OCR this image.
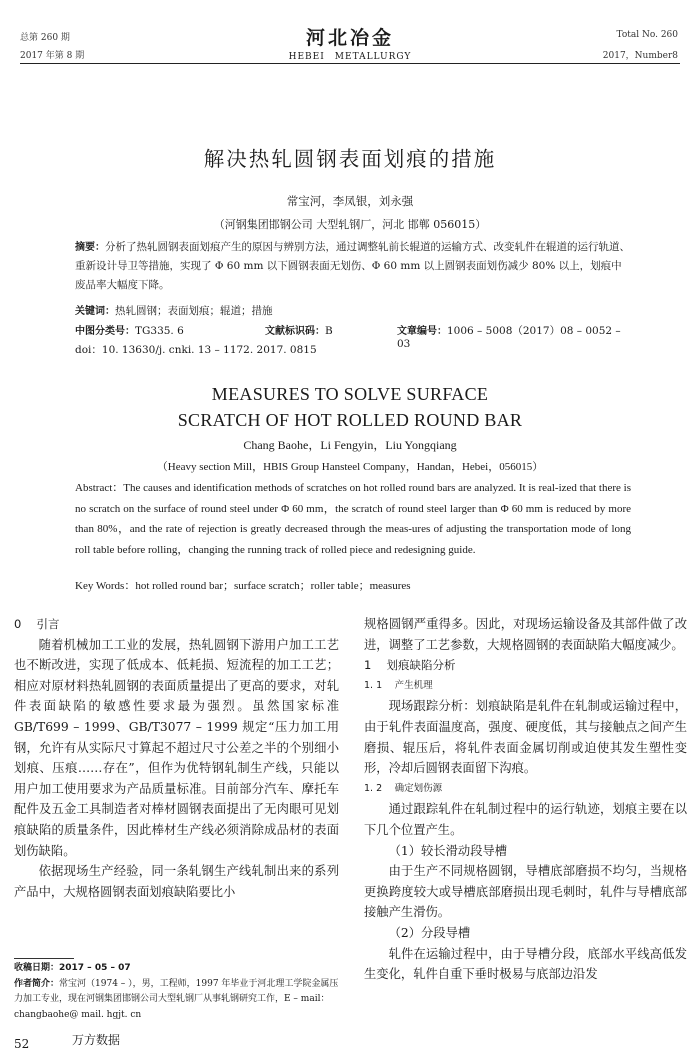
总第 260 期
2017 年第 8 期
河北冶金
HEBEI　METALLURGY
Total No. 260
2017，Number8
解决热轧圆钢表面划痕的措施
常宝河，李凤银，刘永强
（河钢集团邯钢公司 大型轧钢厂，河北 邯郸 056015）
摘要：分析了热轧圆钢表面划痕产生的原因与辨别方法，通过调整轧前长辊道的运输方式、改变轧件在辊道的运行轨道、重新设计导卫等措施，实现了 Φ 60 mm 以下圆钢表面无划伤、Φ 60 mm 以上圆钢表面划伤减少 80% 以上，划痕中废品率大幅度下降。
关键词：热轧圆钢；表面划痕；辊道；措施
中图分类号：TG335. 6	文献标识码：B	文章编号：1006 – 5008（2017）08 – 0052 – 03
doi：10. 13630/j. cnki. 13 – 1172. 2017. 0815
MEASURES TO SOLVE SURFACE
SCRATCH OF HOT ROLLED ROUND BAR
Chang Baohe，Li Fengyin，Liu Yongqiang
（Heavy section Mill，HBIS Group Hansteel Company，Handan，Hebei，056015）
Abstract：The causes and identification methods of scratches on hot rolled round bars are analyzed. It is real-ized that there is no scratch on the surface of round steel under Φ 60 mm，the scratch of round steel larger than Φ 60 mm is reduced by more than 80%，and the rate of rejection is greatly decreased through the meas-ures of adjusting the transportation mode of long roll table before rolling，changing the running track of rolled piece and redesigning guide.
Key Words：hot rolled round bar；surface scratch；roller table；measures

0　 引言

随着机械加工工业的发展，热轧圆钢下游用户加工工艺也不断改进，实现了低成本、低耗损、短流程的加工工艺；相应对原材料热轧圆钢的表面质量提出了更高的要求，对轧件表面缺陷的敏感性要求最为强烈。虽然国家标准 GB/T699 – 1999、GB/T3077 – 1999 规定“压力加工用钢，允许有从实际尺寸算起不超过尺寸公差之半的个别细小划痕、压痕……存在”，但作为优特钢轧制生产线，只能以用户加工使用要求为产品质量标准。目前部分汽车、摩托车配件及五金工具制造者对棒材圆钢表面提出了无肉眼可见划痕缺陷的质量条件，因此棒材生产线必须消除成品材的表面划伤缺陷。

依据现场生产经验，同一条轧钢生产线轧制出来的系列产品中，大规格圆钢表面划痕缺陷要比小

规格圆钢严重得多。因此，对现场运输设备及其部件做了改进，调整了工艺参数，大规格圆钢的表面缺陷大幅度减少。

1　 划痕缺陷分析

1. 1　 产生机理

现场跟踪分析：划痕缺陷是轧件在轧制或运输过程中，由于轧件表面温度高，强度、硬度低，其与接触点之间产生磨损、辊压后，将轧件表面金属切削或迫使其发生塑性变形，冷却后圆钢表面留下沟痕。

1. 2　 确定划伤源

通过跟踪轧件在轧制过程中的运行轨迹，划痕主要在以下几个位置产生。

（1）较长滑动段导槽

由于生产不同规格圆钢，导槽底部磨损不均匀，当规格更换跨度较大或导槽底部磨损出现毛刺时，轧件与导槽底部接触产生滑伤。

（2）分段导槽

轧件在运输过程中，由于导槽分段，底部水平线高低发生变化，轧件自重下垂时极易与底部边沿发

收稿日期：2017 – 05 – 07
作者简介：常宝河（1974 – ），男，工程师，1997 年毕业于河北理工学院金属压力加工专业，现在河钢集团邯钢公司大型轧钢厂从事轧钢研究工作，E – mail：changbaohe@ mail. hgjt. cn
52	万方数据
